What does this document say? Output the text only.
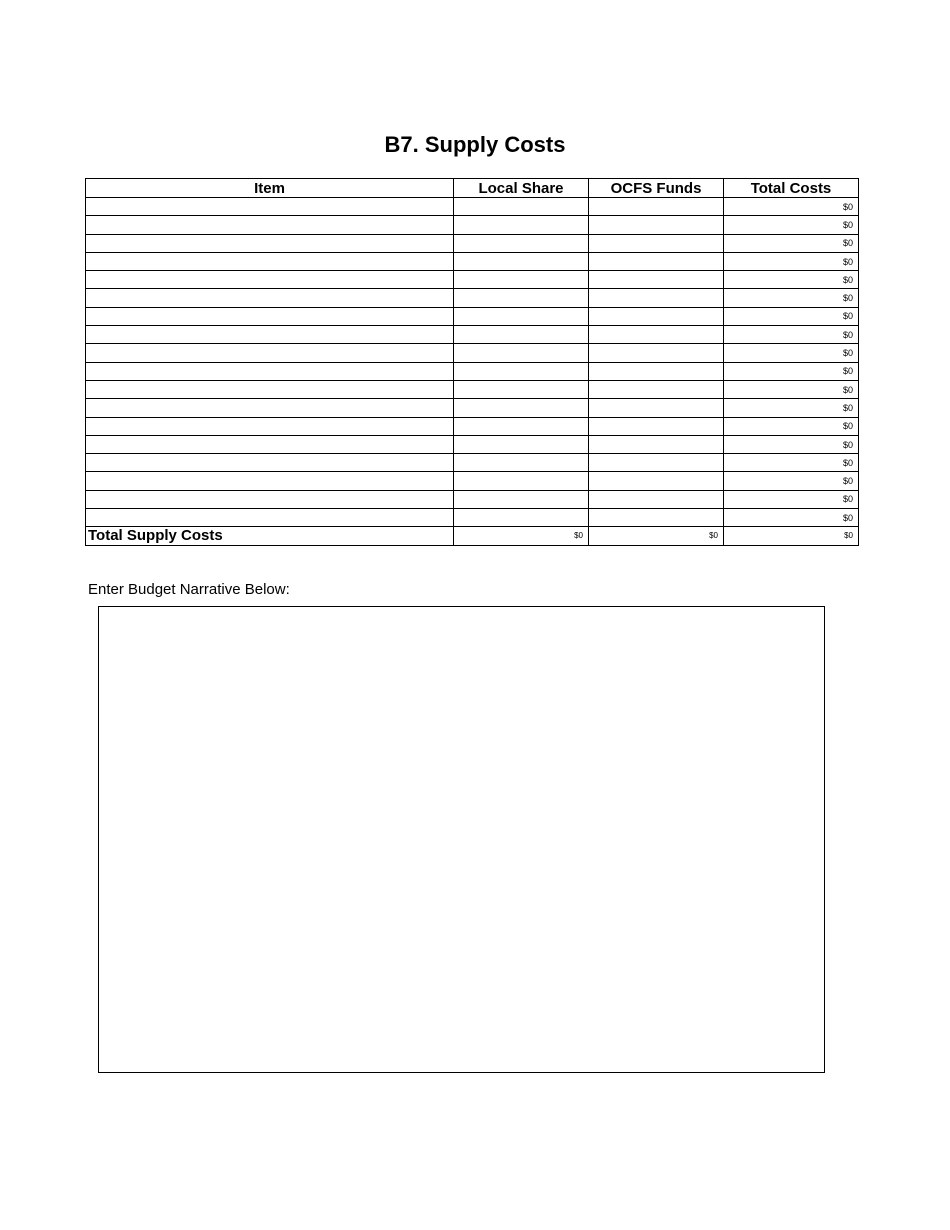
B7. Supply Costs
Item	Local Share	OCFS Funds	Total Costs
			$0
			$0
			$0
			$0
			$0
			$0
			$0
			$0
			$0
			$0
			$0
			$0
			$0
			$0
			$0
			$0
			$0
			$0
Total Supply Costs	$0	$0	$0
Enter Budget Narrative Below:
